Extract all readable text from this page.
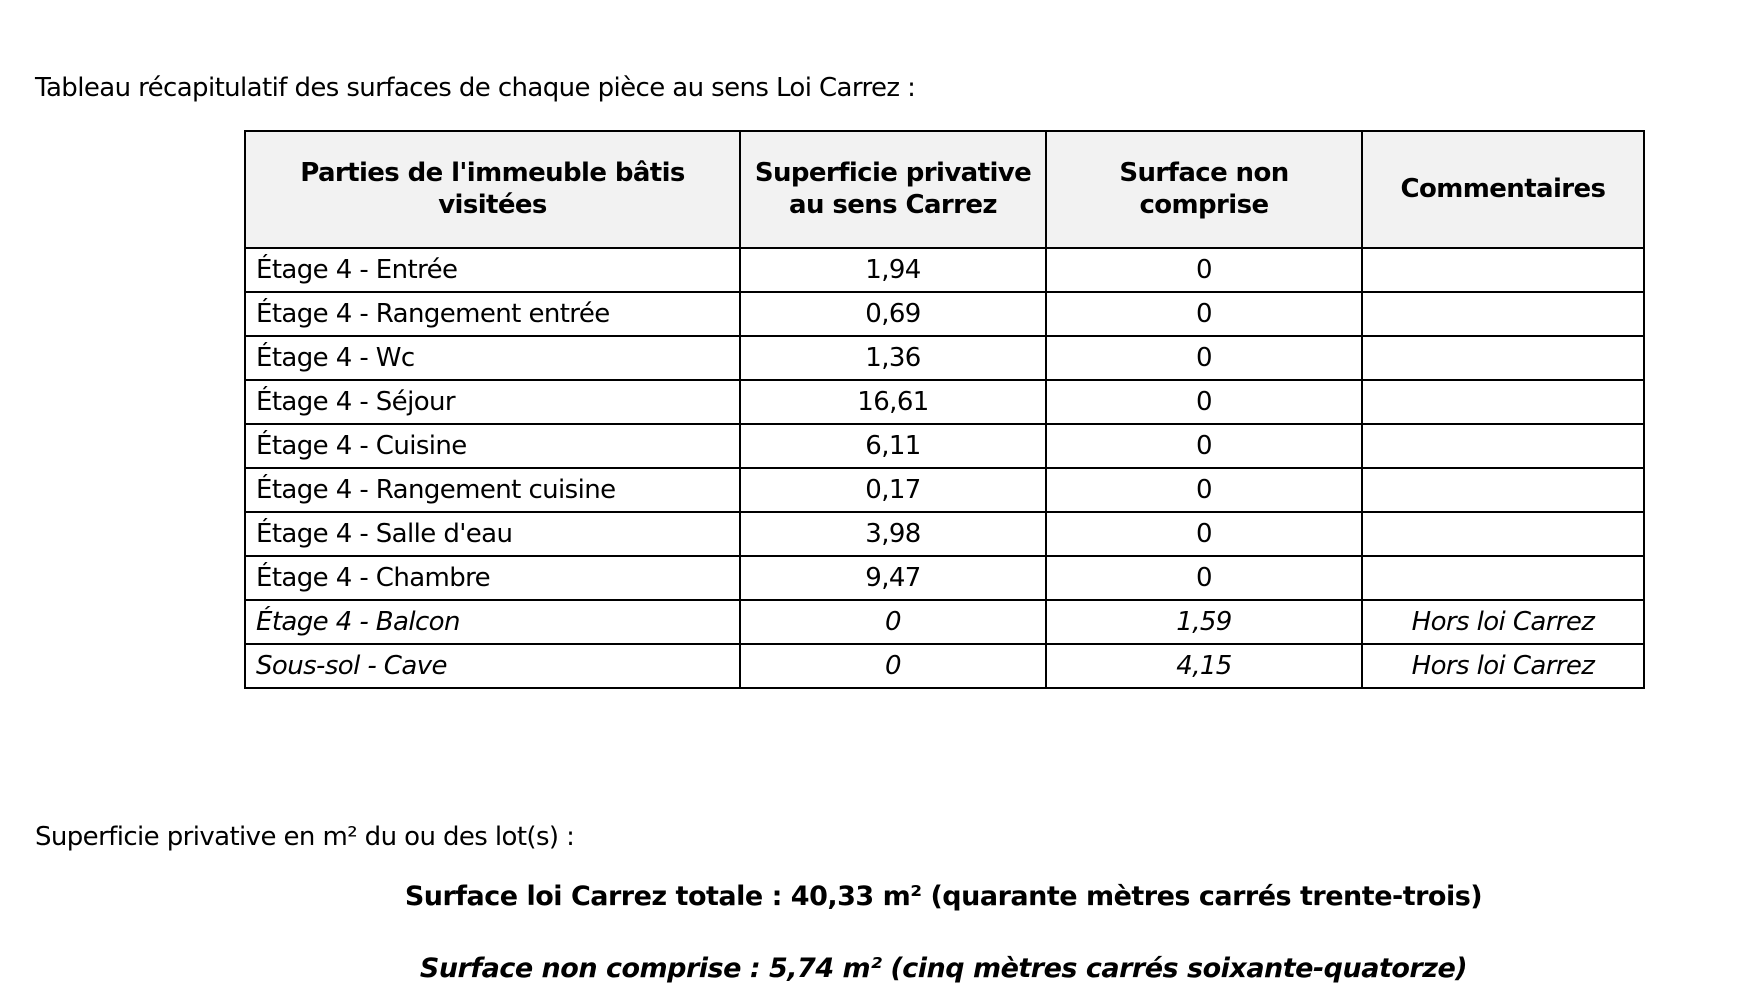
Tableau récapitulatif des surfaces de chaque pièce au sens Loi Carrez :

Parties de l'immeuble bâtis visitées	Superficie privative au sens Carrez	Surface non comprise	Commentaires
Étage 4 - Entrée	1,94	0	
Étage 4 - Rangement entrée	0,69	0	
Étage 4 - Wc	1,36	0	
Étage 4 - Séjour	16,61	0	
Étage 4 - Cuisine	6,11	0	
Étage 4 - Rangement cuisine	0,17	0	
Étage 4 - Salle d'eau	3,98	0	
Étage 4 - Chambre	9,47	0	
Étage 4 - Balcon	0	1,59	Hors loi Carrez
Sous-sol - Cave	0	4,15	Hors loi Carrez

Superficie privative en m² du ou des lot(s) :

Surface loi Carrez totale : 40,33 m² (quarante mètres carrés trente-trois)

Surface non comprise : 5,74 m² (cinq mètres carrés soixante-quatorze)
